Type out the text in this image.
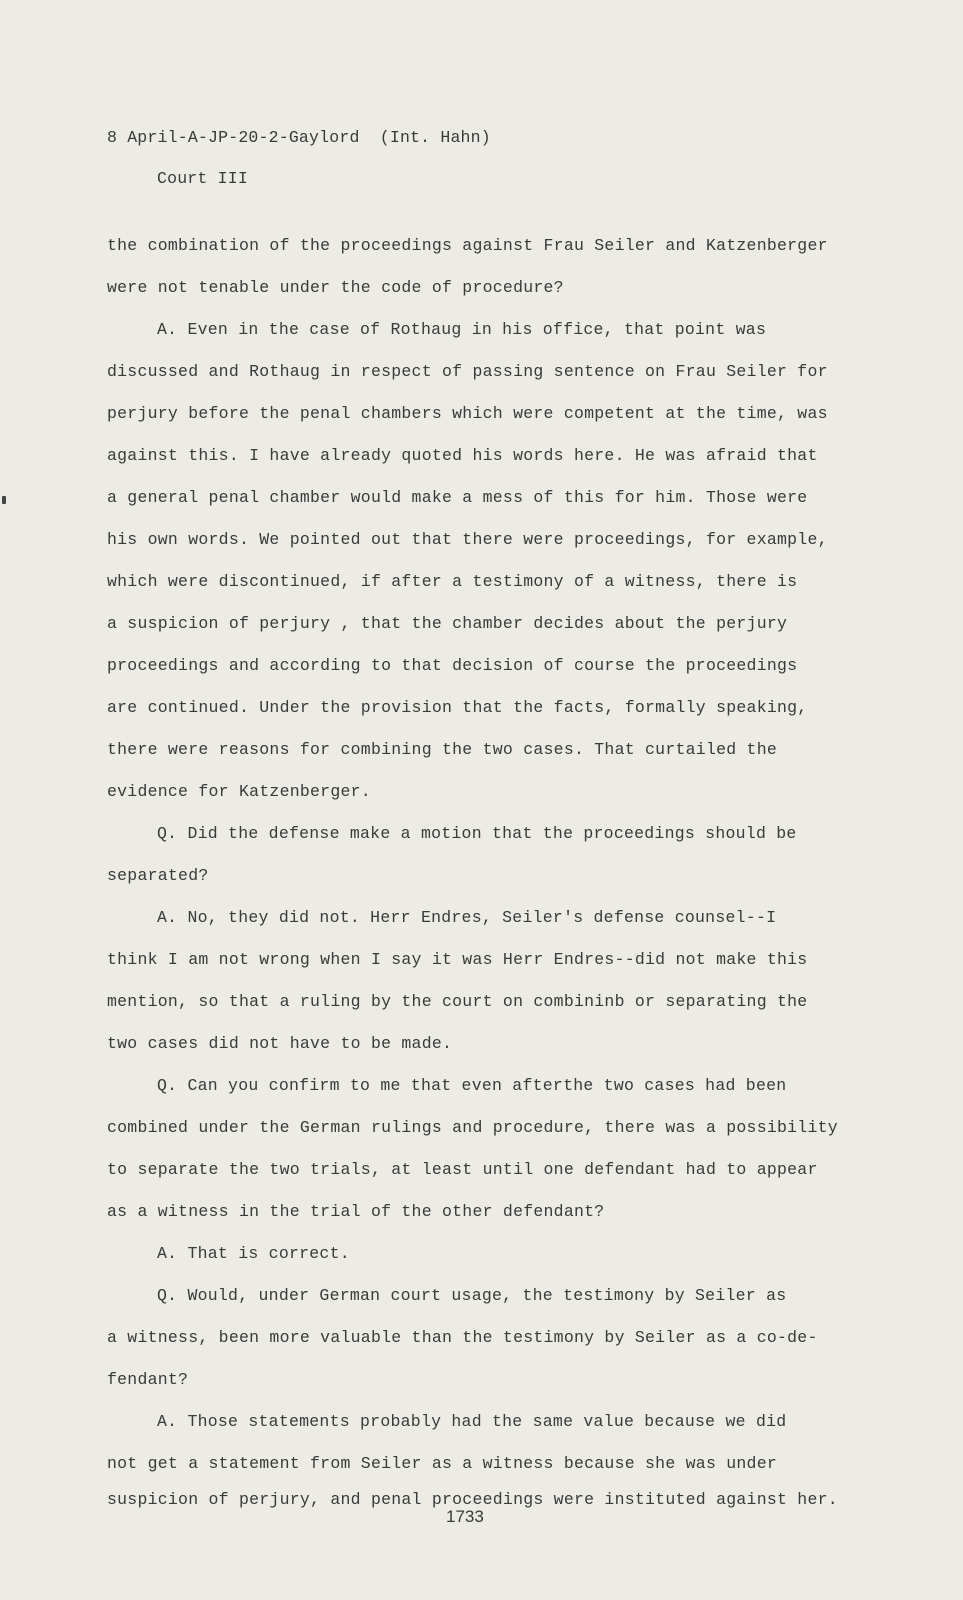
8 April-A-JP-20-2-Gaylord  (Int. Hahn)
Court III
the combination of the proceedings against Frau Seiler and Katzenberger
were not tenable under the code of procedure?
A. Even in the case of Rothaug in his office, that point was
discussed and Rothaug in respect of passing sentence on Frau Seiler for
perjury before the penal chambers which were competent at the time, was
against this. I have already quoted his words here. He was afraid that
a general penal chamber would make a mess of this for him. Those were
his own words. We pointed out that there were proceedings, for example,
which were discontinued, if after a testimony of a witness, there is
a suspicion of perjury , that the chamber decides about the perjury
proceedings and according to that decision of course the proceedings
are continued. Under the provision that the facts, formally speaking,
there were reasons for combining the two cases. That curtailed the
evidence for Katzenberger.
Q. Did the defense make a motion that the proceedings should be
separated?
A. No, they did not. Herr Endres, Seiler's defense counsel--I
think I am not wrong when I say it was Herr Endres--did not make this
mention, so that a ruling by the court on combininb or separating the
two cases did not have to be made.
Q. Can you confirm to me that even afterthe two cases had been
combined under the German rulings and procedure, there was a possibility
to separate the two trials, at least until one defendant had to appear
as a witness in the trial of the other defendant?
A. That is correct.
Q. Would, under German court usage, the testimony by Seiler as
a witness, been more valuable than the testimony by Seiler as a co-de-
fendant?
A. Those statements probably had the same value because we did
not get a statement from Seiler as a witness because she was under
suspicion of perjury, and penal proceedings were instituted against her.
1733
